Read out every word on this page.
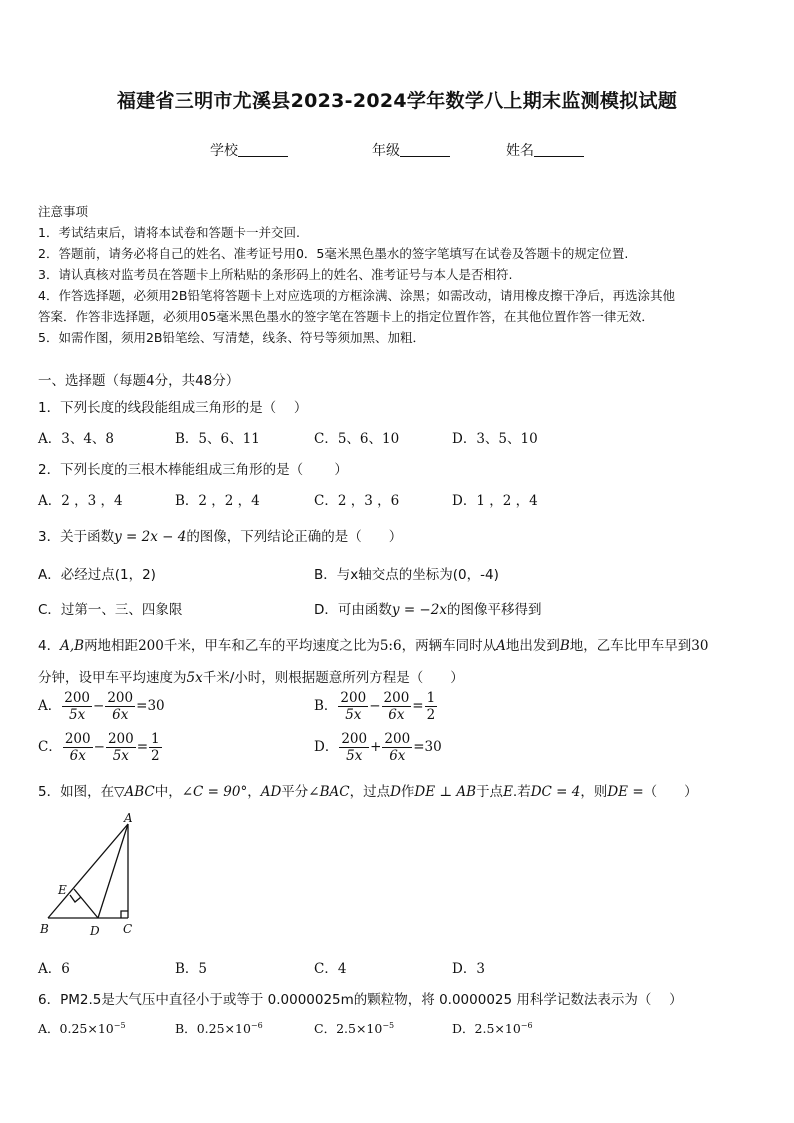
福建省三明市尤溪县2023-2024学年数学八上期末监测模拟试题
学校	年级	姓名
注意事项
1．考试结束后，请将本试卷和答题卡一并交回.
2．答题前，请务必将自己的姓名、准考证号用0．5毫米黑色墨水的签字笔填写在试卷及答题卡的规定位置.
3．请认真核对监考员在答题卡上所粘贴的条形码上的姓名、准考证号与本人是否相符.
4．作答选择题，必须用2B铅笔将答题卡上对应选项的方框涂满、涂黑；如需改动，请用橡皮擦干净后，再选涂其他
答案．作答非选择题，必须用05毫米黑色墨水的签字笔在答题卡上的指定位置作答，在其他位置作答一律无效．
5．如需作图，须用2B铅笔绘、写清楚，线条、符号等须加黑、加粗．
一、选择题（每题4分，共48分）
1．下列长度的线段能组成三角形的是（　 ）
A．3、4、8	B．5、6、11	C．5、6、10	D．3、5、10
2．下列长度的三根木棒能组成三角形的是（　　 ）
A．2 ，3 ，4	B．2 ，2 ，4	C．2 ，3 ，6	D．1 ，2 ，4
3．关于函数y = 2x − 4的图像，下列结论正确的是（　　）
A．必经过点(1，2)	B．与x轴交点的坐标为(0，-4)
C．过第一、三、四象限	D．可由函数y = −2x的图像平移得到
4．A,B两地相距200千米，甲车和乙车的平均速度之比为5:6，两辆车同时从A地出发到B地，乙车比甲车早到30
分钟，设甲车平均速度为5x千米/小时，则根据题意所列方程是（　　）
A． $\frac{200}{5x} - \frac{200}{6x} =30$	B． $\frac{200}{5x} - \frac{200}{6x} = \frac{1}{2}$
C． $\frac{200}{6x} - \frac{200}{5x} = \frac{1}{2}$	D． $\frac{200}{5x} + \frac{200}{6x} =30$
5．如图，在▽ABC中，∠C = 90°，AD平分∠BAC，过点D作DE ⊥ AB于点E.若DC = 4，则DE =（　　）
A
B	C
D
E
A．6	B．5	C．4	D．3
6．PM2.5是大气压中直径小于或等于 0.0000025m的颗粒物，将 0.0000025 用科学记数法表示为（　 ）
A．$0.25\times 10^{-5}$	B．$0.25\times 10^{-6}$	C．$2.5\times 10^{-5}$	D．$2.5\times 10^{-6}$
